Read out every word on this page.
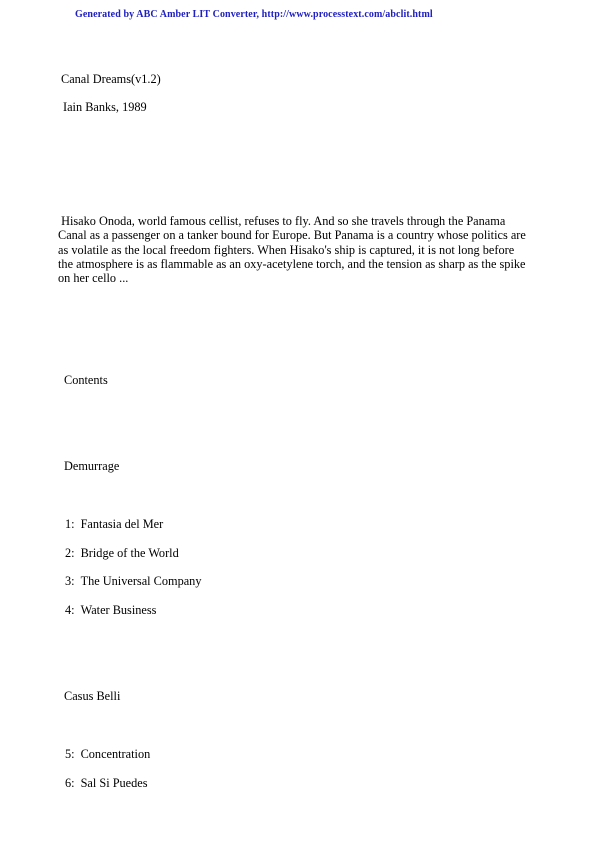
Generated by ABC Amber LIT Converter, http://www.processtext.com/abclit.html
Canal Dreams(v1.2)
Iain Banks, 1989
Hisako Onoda, world famous cellist, refuses to fly. And so she travels through the Panama Canal as a passenger on a tanker bound for Europe. But Panama is a country whose politics are as volatile as the local freedom fighters. When Hisako's ship is captured, it is not long before the atmosphere is as flammable as an oxy-acetylene torch, and the tension as sharp as the spike on her cello ...
Contents
Demurrage
1: Fantasia del Mer
2: Bridge of the World
3: The Universal Company
4: Water Business
Casus Belli
5: Concentration
6: Sal Si Puedes
